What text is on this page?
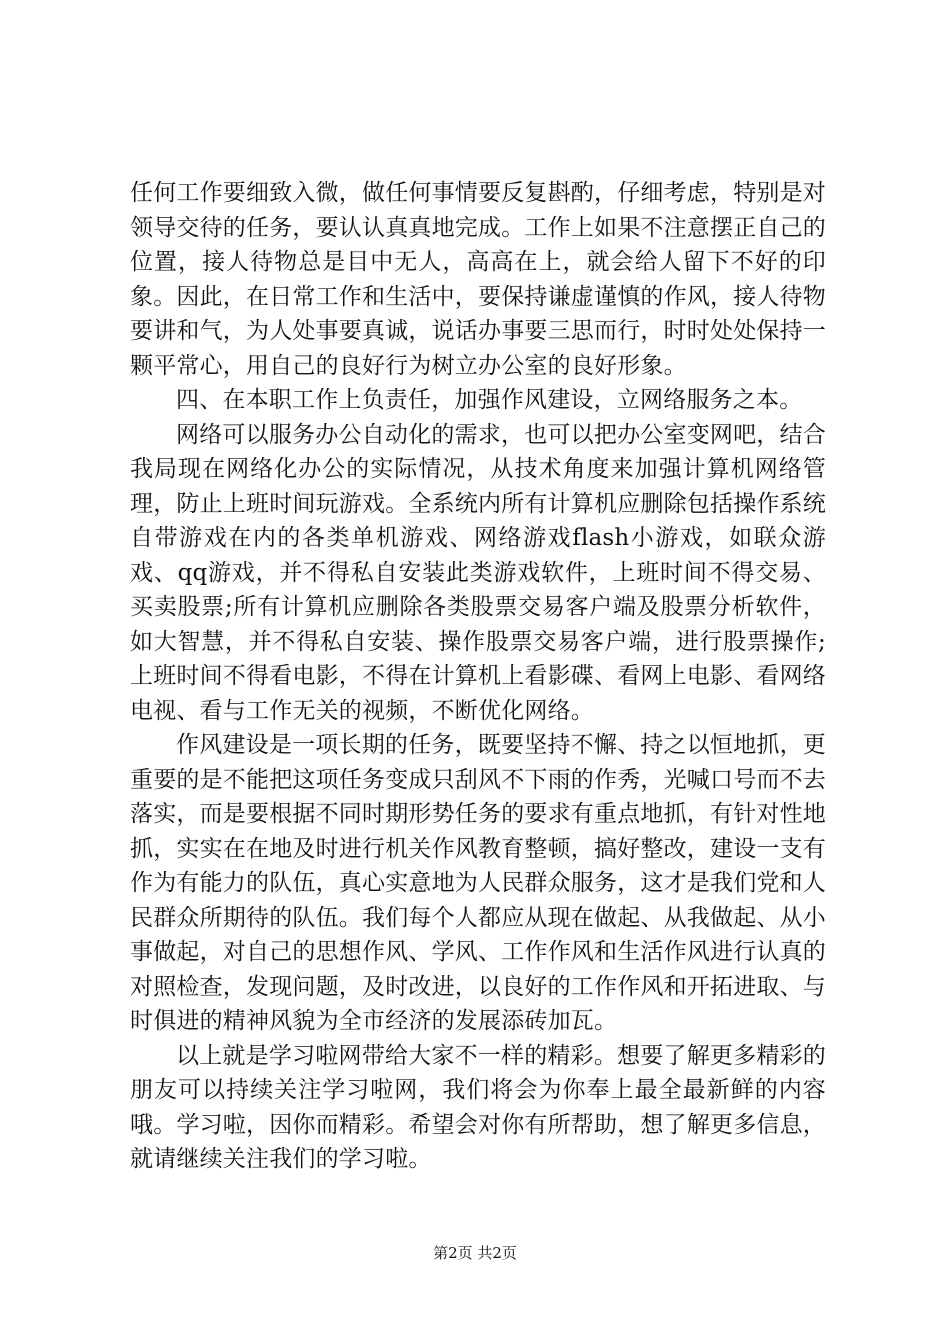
任何工作要细致入微，做任何事情要反复斟酌，仔细考虑，特别是对领导交待的任务，要认认真真地完成。工作上如果不注意摆正自己的位置，接人待物总是目中无人，高高在上，就会给人留下不好的印象。因此，在日常工作和生活中，要保持谦虚谨慎的作风，接人待物要讲和气，为人处事要真诚，说话办事要三思而行，时时处处保持一颗平常心，用自己的良好行为树立办公室的良好形象。

四、在本职工作上负责任，加强作风建设，立网络服务之本。

网络可以服务办公自动化的需求，也可以把办公室变网吧，结合我局现在网络化办公的实际情况，从技术角度来加强计算机网络管理，防止上班时间玩游戏。全系统内所有计算机应删除包括操作系统自带游戏在内的各类单机游戏、网络游戏flash小游戏，如联众游戏、qq游戏，并不得私自安装此类游戏软件，上班时间不得交易、买卖股票;所有计算机应删除各类股票交易客户端及股票分析软件，如大智慧，并不得私自安装、操作股票交易客户端，进行股票操作;上班时间不得看电影，不得在计算机上看影碟、看网上电影、看网络电视、看与工作无关的视频，不断优化网络。

作风建设是一项长期的任务，既要坚持不懈、持之以恒地抓，更重要的是不能把这项任务变成只刮风不下雨的作秀，光喊口号而不去落实，而是要根据不同时期形势任务的要求有重点地抓，有针对性地抓，实实在在地及时进行机关作风教育整顿，搞好整改，建设一支有作为有能力的队伍，真心实意地为人民群众服务，这才是我们党和人民群众所期待的队伍。我们每个人都应从现在做起、从我做起、从小事做起，对自己的思想作风、学风、工作作风和生活作风进行认真的对照检查，发现问题，及时改进，以良好的工作作风和开拓进取、与时俱进的精神风貌为全市经济的发展添砖加瓦。

以上就是学习啦网带给大家不一样的精彩。想要了解更多精彩的朋友可以持续关注学习啦网，我们将会为你奉上最全最新鲜的内容哦。学习啦，因你而精彩。希望会对你有所帮助，想了解更多信息，就请继续关注我们的学习啦。

第2页 共2页
